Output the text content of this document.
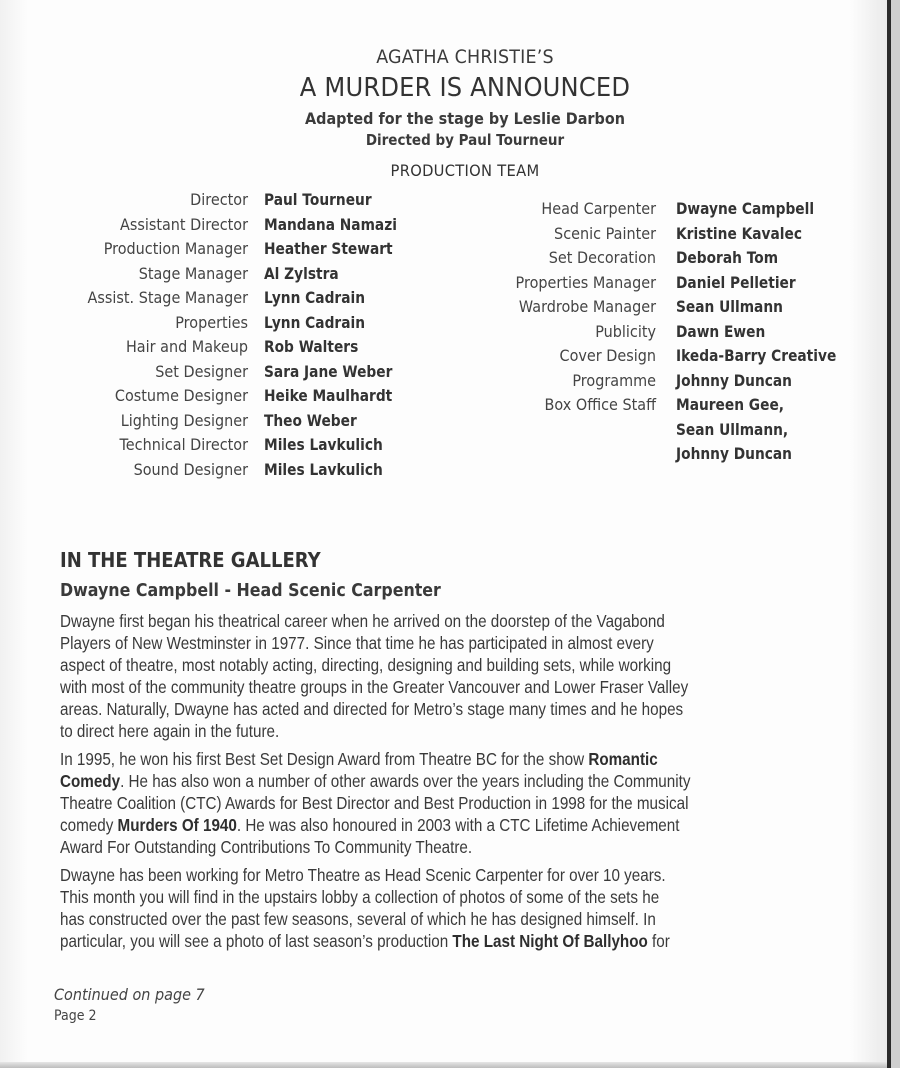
AGATHA CHRISTIE’S
A MURDER IS ANNOUNCED
Adapted for the stage by Leslie Darbon
Directed by Paul Tourneur
PRODUCTION TEAM
Director Paul Tourneur
Assistant Director Mandana Namazi
Production Manager Heather Stewart
Stage Manager Al Zylstra
Assist. Stage Manager Lynn Cadrain
Properties Lynn Cadrain
Hair and Makeup Rob Walters
Set Designer Sara Jane Weber
Costume Designer Heike Maulhardt
Lighting Designer Theo Weber
Technical Director Miles Lavkulich
Sound Designer Miles Lavkulich
Head Carpenter Dwayne Campbell
Scenic Painter Kristine Kavalec
Set Decoration Deborah Tom
Properties Manager Daniel Pelletier
Wardrobe Manager Sean Ullmann
Publicity Dawn Ewen
Cover Design Ikeda-Barry Creative
Programme Johnny Duncan
Box Office Staff Maureen Gee,
Sean Ullmann,
Johnny Duncan
IN THE THEATRE GALLERY
Dwayne Campbell - Head Scenic Carpenter
Dwayne first began his theatrical career when he arrived on the doorstep of the Vagabond
Players of New Westminster in 1977. Since that time he has participated in almost every
aspect of theatre, most notably acting, directing, designing and building sets, while working
with most of the community theatre groups in the Greater Vancouver and Lower Fraser Valley
areas. Naturally, Dwayne has acted and directed for Metro’s stage many times and he hopes
to direct here again in the future.
In 1995, he won his first Best Set Design Award from Theatre BC for the show Romantic
Comedy. He has also won a number of other awards over the years including the Community
Theatre Coalition (CTC) Awards for Best Director and Best Production in 1998 for the musical
comedy Murders Of 1940. He was also honoured in 2003 with a CTC Lifetime Achievement
Award For Outstanding Contributions To Community Theatre.
Dwayne has been working for Metro Theatre as Head Scenic Carpenter for over 10 years.
This month you will find in the upstairs lobby a collection of photos of some of the sets he
has constructed over the past few seasons, several of which he has designed himself. In
particular, you will see a photo of last season’s production The Last Night Of Ballyhoo for
Continued on page 7
Page 2
